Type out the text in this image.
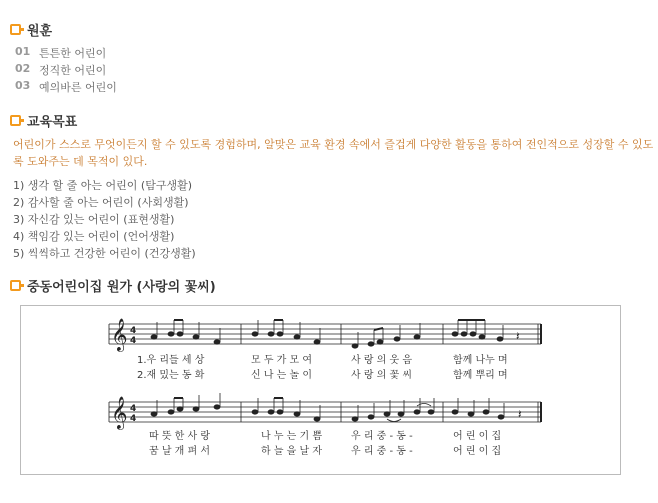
원훈
01 튼튼한 어린이
02 정직한 어린이
03 예의바른 어린이
교육목표
어린이가 스스로 무엇이든지 할 수 있도록 경험하며, 알맞은 교육 환경 속에서 즐겁게 다양한 활동을 통하여 전인적으로 성장할 수 있도록 도와주는 데 목적이 있다.
1) 생각 할 줄 아는 어린이 (탐구생활)
2) 감사할 줄 아는 어린이 (사회생활)
3) 자신감 있는 어린이 (표현생활)
4) 책임감 있는 어린이 (언어생활)
5) 씩씩하고 건강한 어린이 (건강생활)
중동어린이집 원가 (사랑의 꽃씨)
𝄞 4
4	𝄽
1.우 리들 세 상	모 두 가 모 여	사 랑 의 웃 음	함께 나누 며
2.재 밌는 동 화	신 나 는 놀 이	사 랑 의 꽃 씨	함께 뿌리 며
𝄞 4
4	𝄽
따 뜻 한 사 랑	나 누 는 기 쁨	우 리 중 - 동 -	어 린 이 집
꿈 날 개 펴 서	하 늘 을 날 자	우 리 중 - 동 -	어 린 이 집
